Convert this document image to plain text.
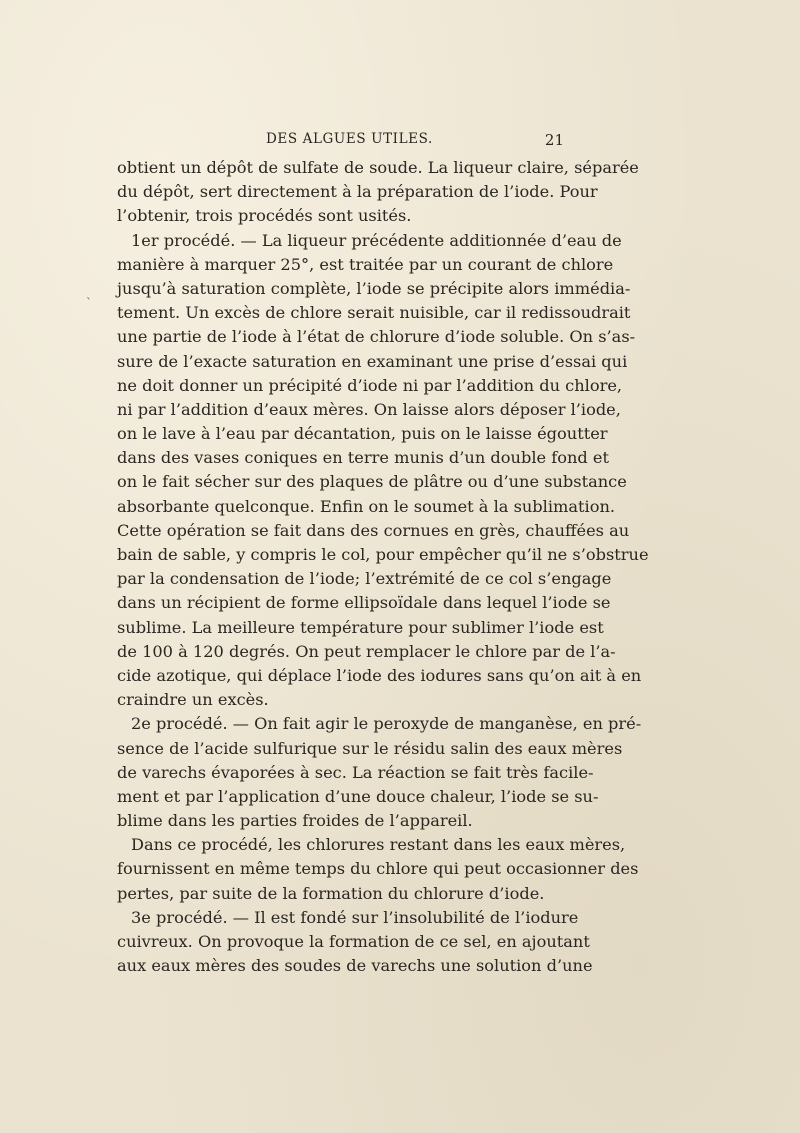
DES ALGUES UTILES.	21
`
obtient un dépôt de sulfate de soude. La liqueur claire, séparée
du dépôt, sert directement à la préparation de l’iode. Pour
l’obtenir, trois procédés sont usités.
1er procédé. — La liqueur précédente additionnée d’eau de
manière à marquer 25°, est traitée par un courant de chlore
jusqu’à saturation complète, l’iode se précipite alors immédia-
tement. Un excès de chlore serait nuisible, car il redissoudrait
une partie de l’iode à l’état de chlorure d’iode soluble. On s’as-
sure de l’exacte saturation en examinant une prise d’essai qui
ne doit donner un précipité d’iode ni par l’addition du chlore,
ni par l’addition d’eaux mères. On laisse alors déposer l’iode,
on le lave à l’eau par décantation, puis on le laisse égoutter
dans des vases coniques en terre munis d’un double fond et
on le fait sécher sur des plaques de plâtre ou d’une substance
absorbante quelconque. Enfin on le soumet à la sublimation.
Cette opération se fait dans des cornues en grès, chauffées au
bain de sable, y compris le col, pour empêcher qu’il ne s’obstrue
par la condensation de l’iode; l’extrémité de ce col s’engage
dans un récipient de forme ellipsoïdale dans lequel l’iode se
sublime. La meilleure température pour sublimer l’iode est
de 100 à 120 degrés. On peut remplacer le chlore par de l’a-
cide azotique, qui déplace l’iode des iodures sans qu’on ait à en
craindre un excès.
2e procédé. — On fait agir le peroxyde de manganèse, en pré-
sence de l’acide sulfurique sur le résidu salin des eaux mères
de varechs évaporées à sec. La réaction se fait très facile-
ment et par l’application d’une douce chaleur, l’iode se su-
blime dans les parties froides de l’appareil.
Dans ce procédé, les chlorures restant dans les eaux mères,
fournissent en même temps du chlore qui peut occasionner des
pertes, par suite de la formation du chlorure d’iode.
3e procédé. — Il est fondé sur l’insolubilité de l’iodure
cuivreux. On provoque la formation de ce sel, en ajoutant
aux eaux mères des soudes de varechs une solution d’une
